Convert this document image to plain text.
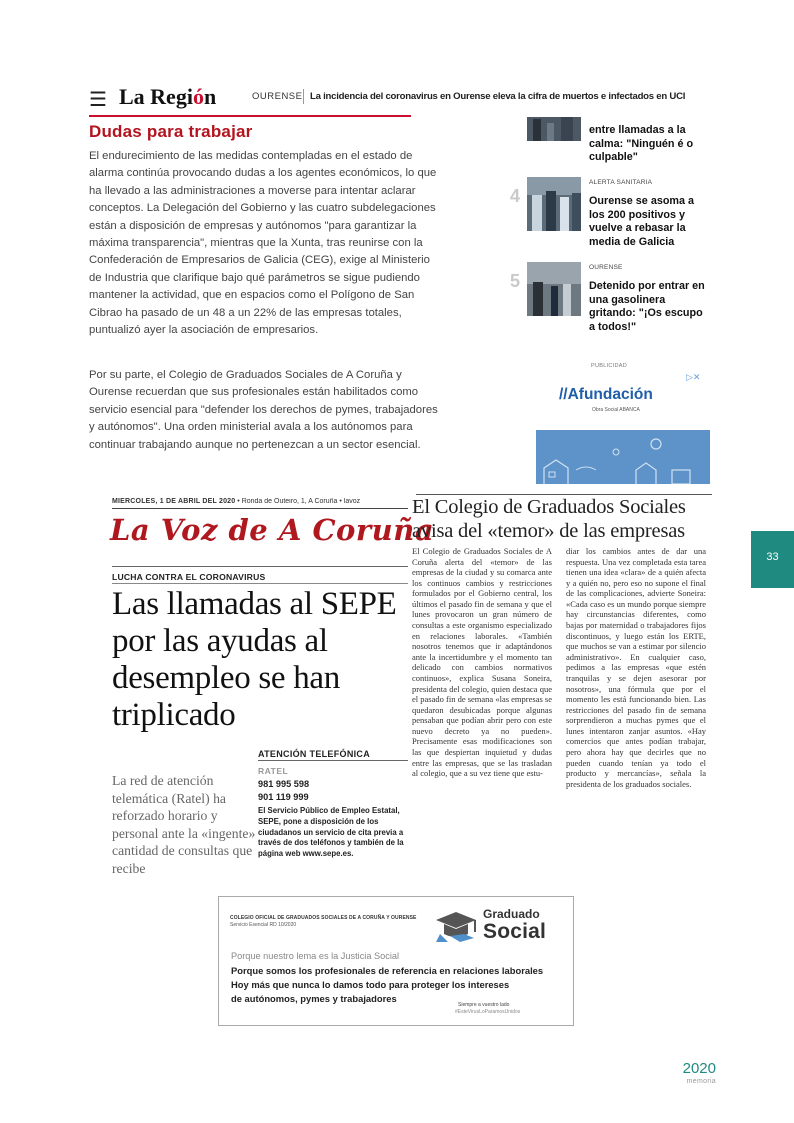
☰ La Región	OURENSE La incidencia del coronavirus en Ourense eleva la cifra de muertos e infectados en UCI
Dudas para trabajar
El endurecimiento de las medidas contempladas en el estado de alarma continúa provocando dudas a los agentes económicos, lo que ha llevado a las administraciones a moverse para intentar aclarar conceptos. La Delegación del Gobierno y las cuatro subdelegaciones están a disposición de empresas y autónomos "para garantizar la máxima transparencia", mientras que la Xunta, tras reunirse con la Confederación de Empresarios de Galicia (CEG), exige al Ministerio de Industria que clarifique bajo qué parámetros se sigue pudiendo mantener la actividad, que en espacios como el Polígono de San Cibrao ha pasado de un 48 a un 22% de las empresas totales, puntualizó ayer la asociación de empresarios.
Por su parte, el Colegio de Graduados Sociales de A Coruña y Ourense recuerdan que sus profesionales están habilitados como servicio esencial para "defender los derechos de pymes, trabajadores y autónomos". Una orden ministerial avala a los autónomos para continuar trabajando aunque no pertenezcan a un sector esencial.
entre llamadas a la calma: "Ninguén é o culpable"
4
ALERTA SANITARIA
Ourense se asoma a los 200 positivos y vuelve a rebasar la media de Galicia
5
OURENSE
Detenido por entrar en una gasolinera gritando: "¡Os escupo a todos!"
PUBLICIDAD
▷✕
//Afundación
Obra Social ABANCA
MIÉRCOLES, 1 DE ABRIL DEL 2020 • Ronda de Outeiro, 1, A Coruña • lavoz
La Voz de A Coruña
LUCHA CONTRA EL CORONAVIRUS
Las llamadas al SEPE por las ayudas al desempleo se han triplicado
La red de atención telemática (Ratel) ha reforzado horario y personal ante la «ingente» cantidad de consultas que recibe
ATENCIÓN TELEFÓNICA
RATEL
981 995 598
901 119 999
El Servicio Público de Empleo Estatal, SEPE, pone a disposición de los ciudadanos un servicio de cita previa a través de dos teléfonos y también de la página web www.sepe.es.
El Colegio de Graduados Sociales avisa del «temor» de las empresas
El Colegio de Graduados Sociales de A Coruña alerta del «temor» de las empresas de la ciudad y su comarca ante los continuos cambios y restricciones formulados por el Gobierno central, los últimos el pasado fin de semana y que el lunes provocaron un gran número de consultas a este organismo especializado en relaciones laborales. «También nosotros tenemos que ir adaptándonos ante la incertidumbre y el momento tan delicado con cambios normativos continuos», explica Susana Soneira, presidenta del colegio, quien destaca que el pasado fin de semana «las empresas se quedaron desubicadas porque algunas pensaban que podían abrir pero con este nuevo decreto ya no pueden». Precisamente esas modificaciones son las que despiertan inquietud y dudas entre las empresas, que se las trasladan al colegio, que a su vez tiene que estu-
diar los cambios antes de dar una respuesta. Una vez completada esta tarea tienen una idea «clara» de a quién afecta y a quién no, pero eso no supone el final de las complicaciones, advierte Soneira: «Cada caso es un mundo porque siempre hay circunstancias diferentes, como bajas por maternidad o trabajadores fijos discontinuos, y luego están los ERTE, que muchos se van a estimar por silencio administrativo». En cualquier caso, pedimos a las empresas «que estén tranquilas y se dejen asesorar por nosotros», una fórmula que por el momento les está funcionando bien. Las restricciones del pasado fin de semana sorprendieron a muchas pymes que el lunes intentaron zanjar asuntos. «Hay comercios que antes podían trabajar, pero ahora hay que decirles que no pueden cuando tenían ya todo el producto y mercancías», señala la presidenta de los graduados sociales.
COLEGIO OFICIAL DE GRADUADOS SOCIALES DE A CORUÑA Y OURENSE
Servicio Esencial RD 10/2020
Graduado
Social
Porque nuestro lema es la Justicia Social
Porque somos los profesionales de referencia en relaciones laborales
Hoy más que nunca lo damos todo para proteger los intereses
de autónomos, pymes y trabajadores
Siempre a vuestro lado
#EsteVirusLoParamosUnidos
33
2020
memoria
